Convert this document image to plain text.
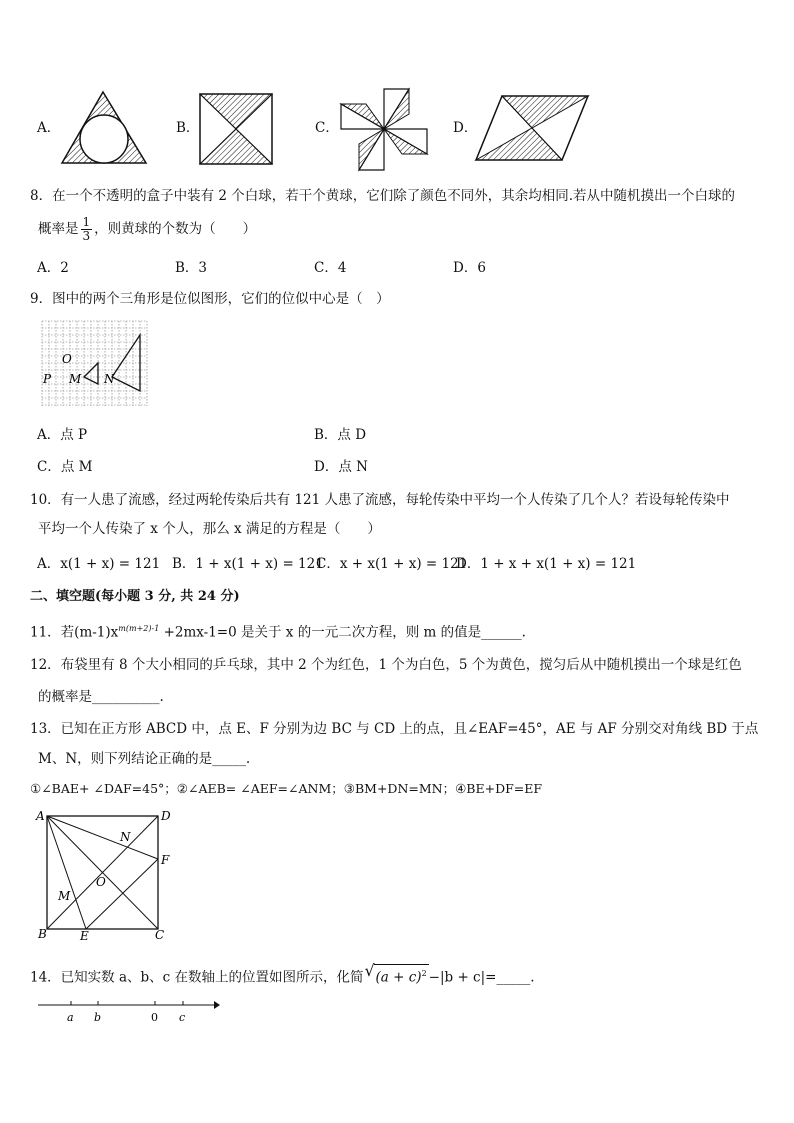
A．	B．	C．	D．
8．在一个不透明的盒子中装有 2 个白球，若干个黄球，它们除了颜色不同外，其余均相同.若从中随机摸出一个白球的
概率是 $\frac{1}{3}$ ，则黄球的个数为（　　）
A．2	B．3	C．4	D．6
9．图中的两个三角形是位似图形，它们的位似中心是（　）
O
P M N
A．点 P	B．点 D
C．点 M	D．点 N
10．有一人患了流感，经过两轮传染后共有 121 人患了流感，每轮传染中平均一个人传染了几个人？若设每轮传染中
平均一个人传染了 x 个人，那么 x 满足的方程是（　　）
A．x(1 + x) = 121 B．1 + x(1 + x) = 121
C．x + x(1 + x) = 121
D．1 + x + x(1 + x) = 121
二、填空题(每小题 3 分, 共 24 分)
11．若$(m-1)x^{m(m+2)-1} +2mx-1=0$ 是关于 x 的一元二次方程，则 m 的值是______.
12．布袋里有 8 个大小相同的乒乓球，其中 2 个为红色，1 个为白色，5 个为黄色，搅匀后从中随机摸出一个球是红色
的概率是__________.
13．已知在正方形 ABCD 中，点 E、F 分别为边 BC 与 CD 上的点，且∠EAF=45°，AE 与 AF 分别交对角线 BD 于点
M、N，则下列结论正确的是_____.
①∠BAE+ ∠DAF=45°；②∠AEB= ∠AEF=∠ANM；③BM+DN=MN；④BE+DF=EF
A	D
B	C
E
F
M
N
O
14．已知实数 a、b、c 在数轴上的位置如图所示，化简 √ $(a + c)^2 -|b$ + c|=_____.
a b	0 c
